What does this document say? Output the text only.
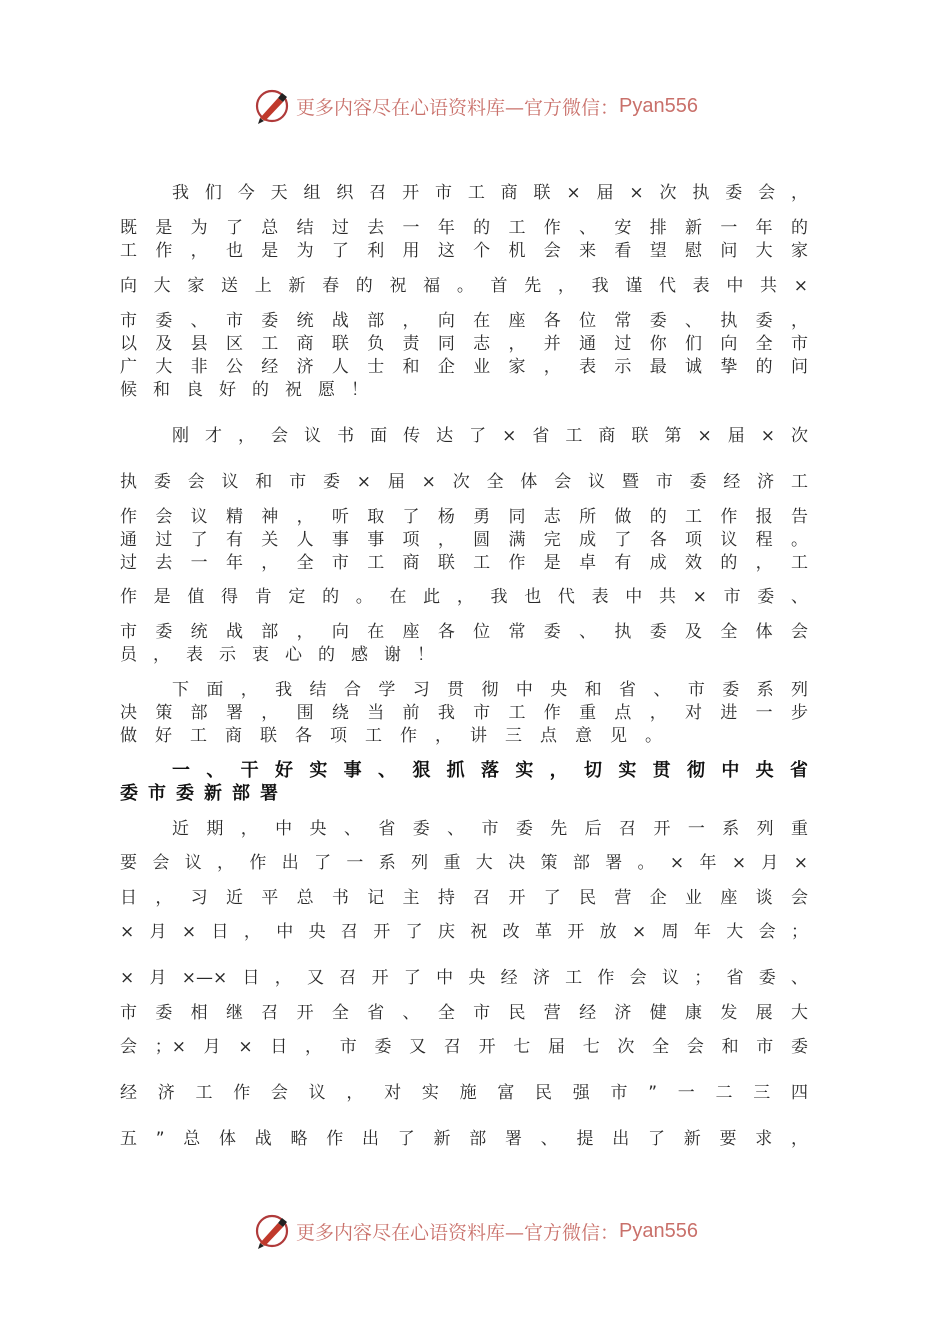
更多内容尽在心语资料库—官方微信： Pyan556
我们今天组织召开市工商联×届×次执委会，
既是为了总结过去一年的工作、安排新一年的
工作，也是为了利用这个机会来看望慰问大家
向大家送上新春的祝福。首先，我谨代表中共×
市委、市委统战部，向在座各位常委、执委，
以及县区工商联负责同志，并通过你们向全市
广大非公经济人士和企业家，表示最诚挚的问
候和良好的祝愿！
刚才，会议书面传达了×省工商联第×届×次
执委会议和市委×届×次全体会议暨市委经济工
作会议精神，听取了杨勇同志所做的工作报告
通过了有关人事事项，圆满完成了各项议程。
过去一年，全市工商联工作是卓有成效的，工
作是值得肯定的。在此，我也代表中共×市委、
市委统战部，向在座各位常委、执委及全体会
员，表示衷心的感谢！
下面，我结合学习贯彻中央和省、市委系列
决策部署，围绕当前我市工作重点，对进一步
做好工商联各项工作，讲三点意见。
一、干好实事、狠抓落实，切实贯彻中央省
委市委新部署
近期，中央、省委、市委先后召开一系列重
要会议，作出了一系列重大决策部署。×年×月×
日，习近平总书记主持召开了民营企业座谈会
×月×日，中央召开了庆祝改革开放×周年大会；
×月×—×日，又召开了中央经济工作会议；省委、
市委相继召开全省、全市民营经济健康发展大
会；×月×日，市委又召开七届七次全会和市委
经济工作会议，对实施富民强市”一二三四
五”总体战略作出了新部署、提出了新要求，
更多内容尽在心语资料库—官方微信： Pyan556
